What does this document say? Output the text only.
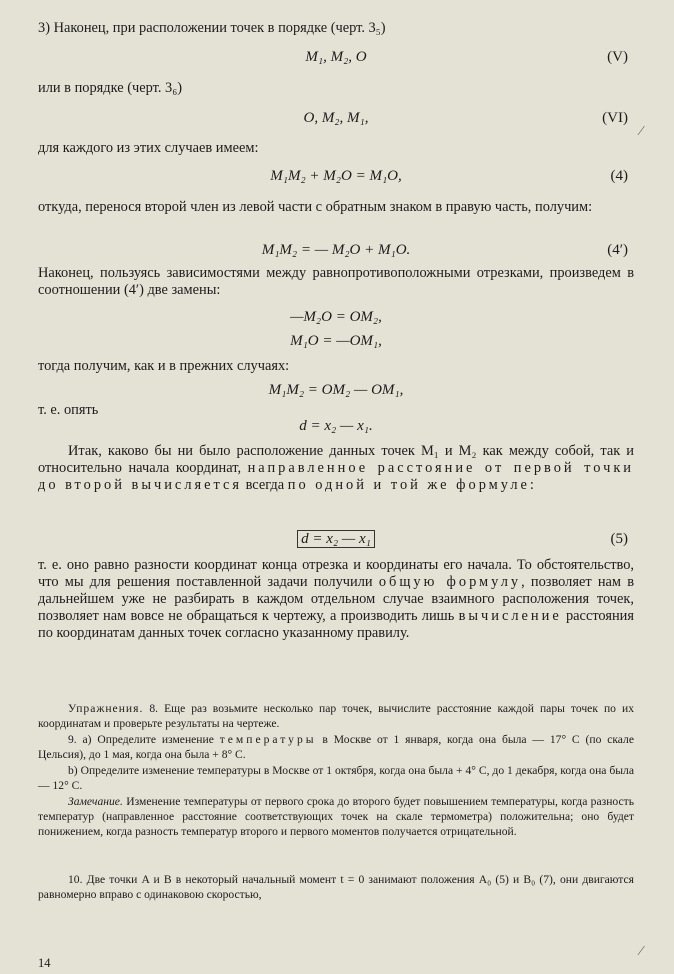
3) Наконец, при расположении точек в порядке (черт. 3₅)

M₁, M₂, O	(V)

или в порядке (черт. 3₆)

O, M₂, M₁,	(VI)

для каждого из этих случаев имеем:

M₁M₂ + M₂O = M₁O,	(4)

откуда, перенося второй член из левой части с обратным знаком в правую часть, получим:

M₁M₂ = — M₂O + M₁O.	(4′)

Наконец, пользуясь зависимостями между равнопротивоположными отрезками, произведем в соотношении (4′) две замены:

—M₂O = OM₂,
M₁O = —OM₁,

тогда получим, как и в прежних случаях:

M₁M₂ = OM₂ — OM₁,

т. е. опять

d = x₂ — x₁.

Итак, каково бы ни было расположение данных точек M₁ и M₂ как между собой, так и относительно начала координат, направленное расстояние от первой точки до второй вычисляется всегда по одной и той же формуле:

d = x₂ — x₁	(5)

т. е. оно равно разности координат конца отрезка и координаты его начала. То обстоятельство, что мы для решения поставленной задачи получили общую формулу, позволяет нам в дальнейшем уже не разбирать в каждом отдельном случае взаимного расположения точек, позволяет нам вовсе не обращаться к чертежу, а производить лишь вычисление расстояния по координатам данных точек согласно указанному правилу.

Упражнения. 8. Еще раз возьмите несколько пар точек, вычислите расстояние каждой пары точек по их координатам и проверьте результаты на чертеже.

9. a) Определите изменение температуры в Москве от 1 января, когда она была — 17° C (по скале Цельсия), до 1 мая, когда она была + 8° C.

b) Определите изменение температуры в Москве от 1 октября, когда она была + 4° C, до 1 декабря, когда она была — 12° C.

Замечание. Изменение температуры от первого срока до второго будет повышением температуры, когда разность температур (направленное расстояние соответствующих точек на скале термометра) положительна; оно будет понижением, когда разность температур второго и первого моментов получается отрицательной.

10. Две точки A и B в некоторый начальный момент t = 0 занимают положения A₀ (5) и B₀ (7), они двигаются равномерно вправо с одинаковою скоростью,

14
⁄
⁄
